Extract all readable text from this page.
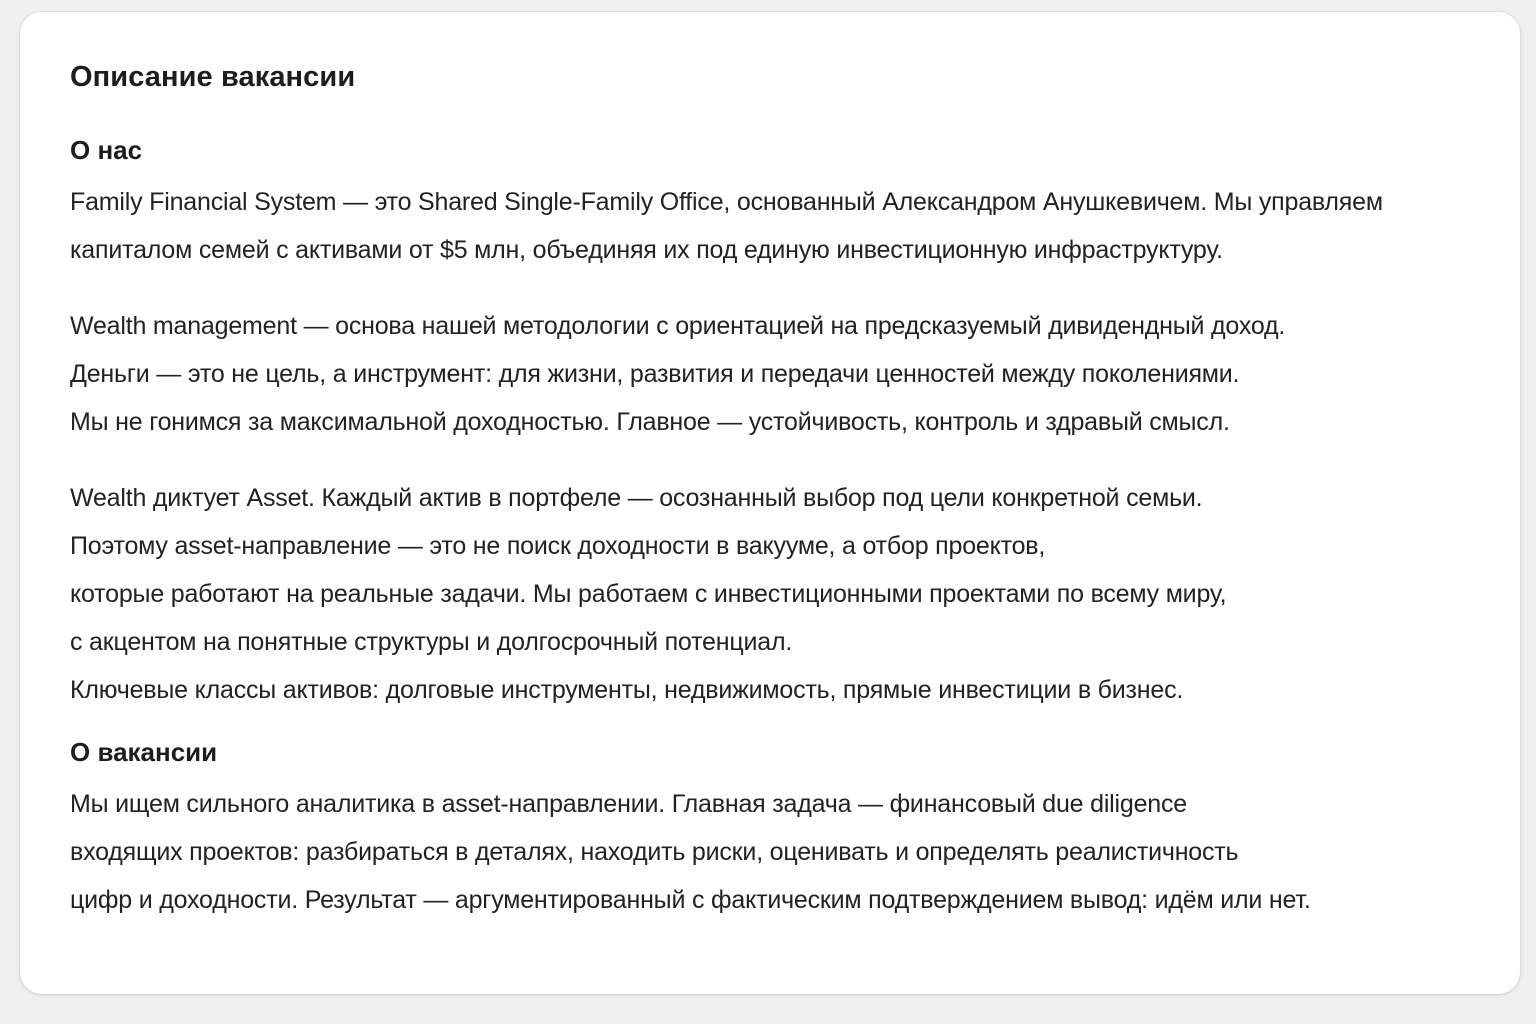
Описание вакансии
О нас
Family Financial System — это Shared Single-Family Office, основанный Александром Анушкевичем. Мы управляем
капиталом семей с активами от $5 млн, объединяя их под единую инвестиционную инфраструктуру.
Wealth management — основа нашей методологии с ориентацией на предсказуемый дивидендный доход.
Деньги — это не цель, а инструмент: для жизни, развития и передачи ценностей между поколениями.
Мы не гонимся за максимальной доходностью. Главное — устойчивость, контроль и здравый смысл.
Wealth диктует Asset. Каждый актив в портфеле — осознанный выбор под цели конкретной семьи.
Поэтому asset-направление — это не поиск доходности в вакууме, а отбор проектов,
которые работают на реальные задачи. Мы работаем с инвестиционными проектами по всему миру,
с акцентом на понятные структуры и долгосрочный потенциал.
Ключевые классы активов: долговые инструменты, недвижимость, прямые инвестиции в бизнес.
О вакансии
Мы ищем сильного аналитика в asset-направлении. Главная задача — финансовый due diligence
входящих проектов: разбираться в деталях, находить риски, оценивать и определять реалистичность
цифр и доходности. Результат — аргументированный с фактическим подтверждением вывод: идём или нет.
